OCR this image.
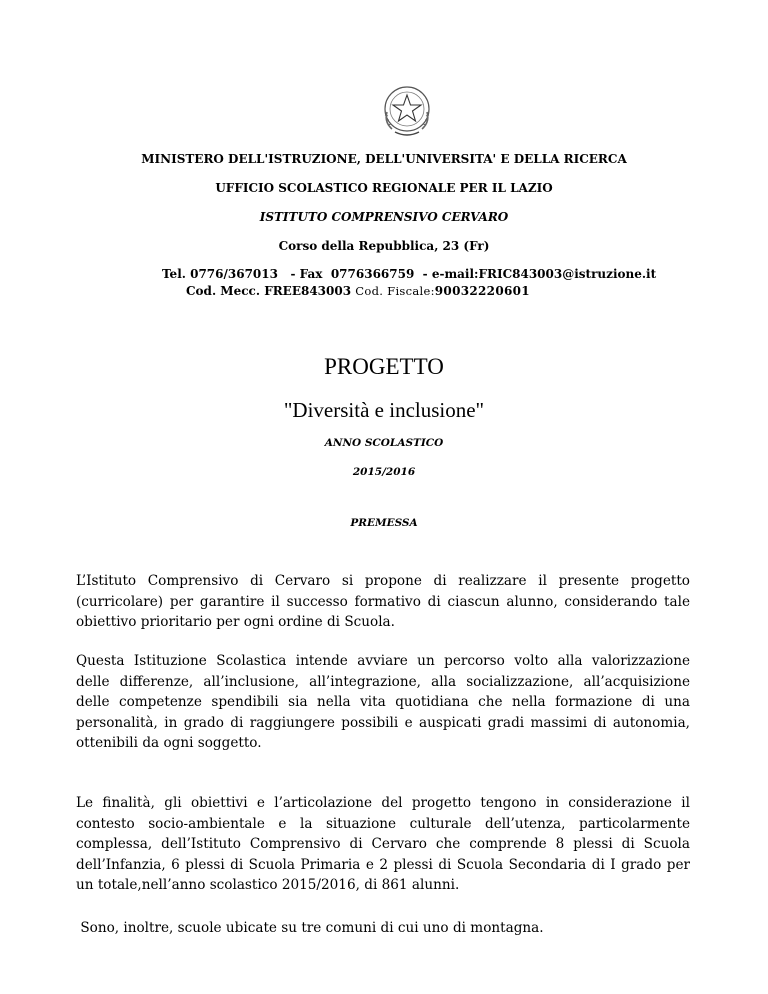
MINISTERO DELL'ISTRUZIONE, DELL'UNIVERSITA' E DELLA RICERCA
UFFICIO SCOLASTICO REGIONALE PER IL LAZIO
ISTITUTO COMPRENSIVO CERVARO
Corso della Repubblica, 23 (Fr)
Tel. 0776/367013   - Fax  0776366759  - e-mail:FRIC843003@istruzione.it
Cod. Mecc. FREE843003 Cod. Fiscale:90032220601
PROGETTO
"Diversità e inclusione"
ANNO SCOLASTICO
2015/2016
PREMESSA
L’Istituto Comprensivo di Cervaro si propone di realizzare il presente progetto
(curricolare) per garantire il successo formativo di ciascun alunno, considerando tale
obiettivo prioritario per ogni ordine di Scuola.
Questa Istituzione Scolastica intende avviare un percorso volto alla valorizzazione
delle differenze, all’inclusione, all’integrazione, alla socializzazione, all’acquisizione
delle competenze spendibili sia nella vita quotidiana che nella formazione di una
personalità, in grado di raggiungere possibili e auspicati gradi massimi di autonomia,
ottenibili da ogni soggetto.
Le finalità, gli obiettivi e l’articolazione del progetto tengono in considerazione il
contesto socio-ambientale e la situazione culturale dell’utenza, particolarmente
complessa, dell’Istituto Comprensivo di Cervaro che comprende 8 plessi di Scuola
dell’Infanzia, 6 plessi di Scuola Primaria e 2 plessi di Scuola Secondaria di I grado per
un totale,nell’anno scolastico 2015/2016, di 861 alunni.
Sono, inoltre, scuole ubicate su tre comuni di cui uno di montagna.
